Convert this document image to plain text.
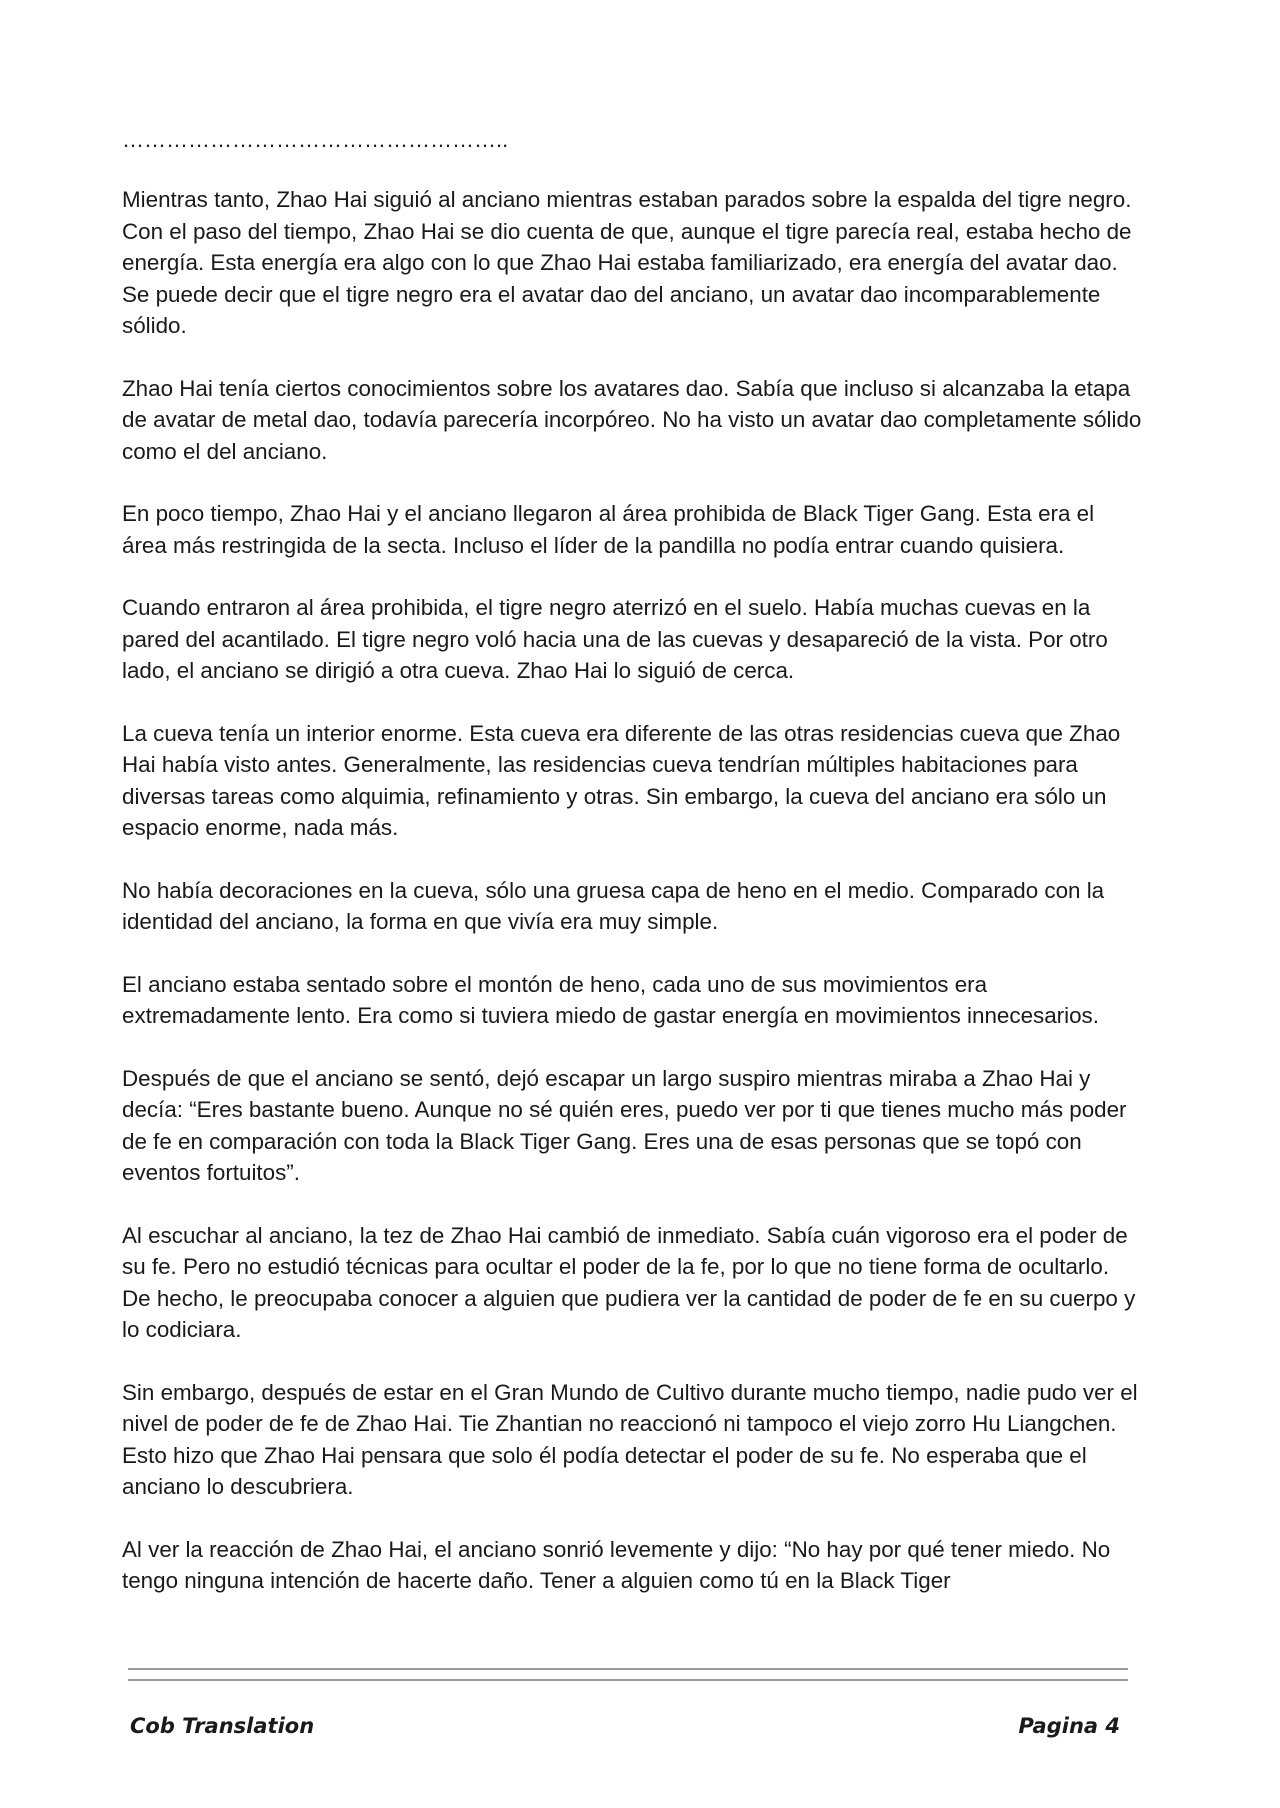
……………………………………………..

Mientras tanto, Zhao Hai siguió al anciano mientras estaban parados sobre la espalda del tigre negro. Con el paso del tiempo, Zhao Hai se dio cuenta de que, aunque el tigre parecía real, estaba hecho de energía. Esta energía era algo con lo que Zhao Hai estaba familiarizado, era energía del avatar dao. Se puede decir que el tigre negro era el avatar dao del anciano, un avatar dao incomparablemente sólido.

Zhao Hai tenía ciertos conocimientos sobre los avatares dao. Sabía que incluso si alcanzaba la etapa de avatar de metal dao, todavía parecería incorpóreo. No ha visto un avatar dao completamente sólido como el del anciano.

En poco tiempo, Zhao Hai y el anciano llegaron al área prohibida de Black Tiger Gang. Esta era el área más restringida de la secta. Incluso el líder de la pandilla no podía entrar cuando quisiera.

Cuando entraron al área prohibida, el tigre negro aterrizó en el suelo. Había muchas cuevas en la pared del acantilado. El tigre negro voló hacia una de las cuevas y desapareció de la vista. Por otro lado, el anciano se dirigió a otra cueva. Zhao Hai lo siguió de cerca.

La cueva tenía un interior enorme. Esta cueva era diferente de las otras residencias cueva que Zhao Hai había visto antes. Generalmente, las residencias cueva tendrían múltiples habitaciones para diversas tareas como alquimia, refinamiento y otras. Sin embargo, la cueva del anciano era sólo un espacio enorme, nada más.

No había decoraciones en la cueva, sólo una gruesa capa de heno en el medio. Comparado con la identidad del anciano, la forma en que vivía era muy simple.

El anciano estaba sentado sobre el montón de heno, cada uno de sus movimientos era extremadamente lento. Era como si tuviera miedo de gastar energía en movimientos innecesarios.

Después de que el anciano se sentó, dejó escapar un largo suspiro mientras miraba a Zhao Hai y decía: “Eres bastante bueno. Aunque no sé quién eres, puedo ver por ti que tienes mucho más poder de fe en comparación con toda la Black Tiger Gang. Eres una de esas personas que se topó con eventos fortuitos”.

Al escuchar al anciano, la tez de Zhao Hai cambió de inmediato. Sabía cuán vigoroso era el poder de su fe. Pero no estudió técnicas para ocultar el poder de la fe, por lo que no tiene forma de ocultarlo. De hecho, le preocupaba conocer a alguien que pudiera ver la cantidad de poder de fe en su cuerpo y lo codiciara.

Sin embargo, después de estar en el Gran Mundo de Cultivo durante mucho tiempo, nadie pudo ver el nivel de poder de fe de Zhao Hai. Tie Zhantian no reaccionó ni tampoco el viejo zorro Hu Liangchen. Esto hizo que Zhao Hai pensara que solo él podía detectar el poder de su fe. No esperaba que el anciano lo descubriera.

Al ver la reacción de Zhao Hai, el anciano sonrió levemente y dijo: “No hay por qué tener miedo. No tengo ninguna intención de hacerte daño. Tener a alguien como tú en la Black Tiger

Cob Translation	Pagina 4
